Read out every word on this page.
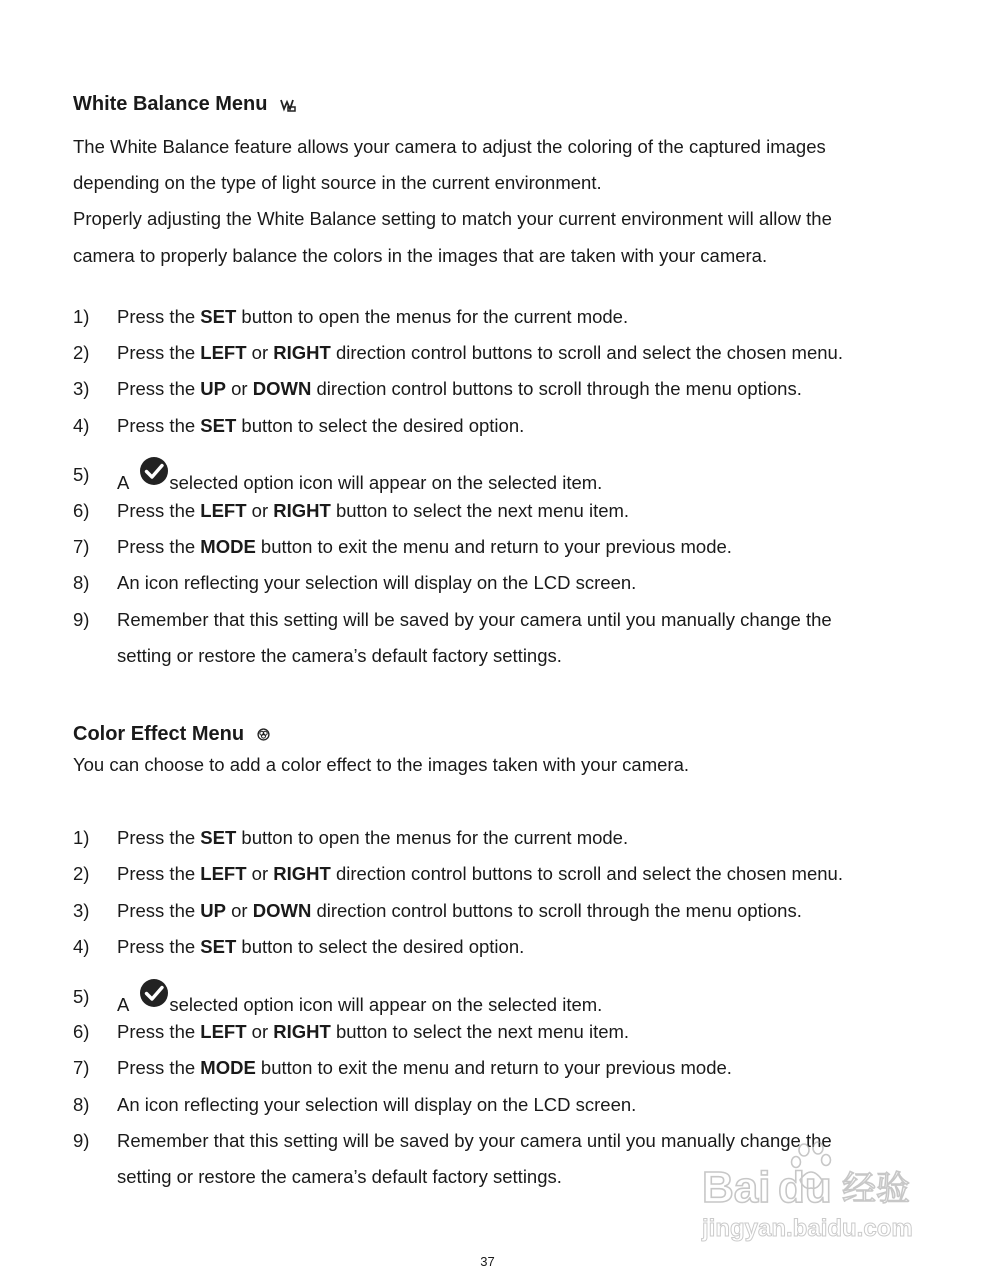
White Balance Menu
The White Balance feature allows your camera to adjust the coloring of the captured images
depending on the type of light source in the current environment.
Properly adjusting the White Balance setting to match your current environment will allow the
camera to properly balance the colors in the images that are taken with your camera.
1)	Press the SET button to open the menus for the current mode.
2)	Press the LEFT or RIGHT direction control buttons to scroll and select the chosen menu.
3)	Press the UP or DOWN direction control buttons to scroll through the menu options.
4)	Press the SET button to select the desired option.
5)	A selected option icon will appear on the selected item.
6)	Press the LEFT or RIGHT button to select the next menu item.
7)	Press the MODE button to exit the menu and return to your previous mode.
8)	An icon reflecting your selection will display on the LCD screen.
9)	Remember that this setting will be saved by your camera until you manually change the
setting or restore the camera’s default factory settings.
Color Effect Menu
You can choose to add a color effect to the images taken with your camera.
1)	Press the SET button to open the menus for the current mode.
2)	Press the LEFT or RIGHT direction control buttons to scroll and select the chosen menu.
3)	Press the UP or DOWN direction control buttons to scroll through the menu options.
4)	Press the SET button to select the desired option.
5)	A selected option icon will appear on the selected item.
6)	Press the LEFT or RIGHT button to select the next menu item.
7)	Press the MODE button to exit the menu and return to your previous mode.
8)	An icon reflecting your selection will display on the LCD screen.
9)	Remember that this setting will be saved by your camera until you manually change the
setting or restore the camera’s default factory settings.	Bai du 经验
jingyan.baidu.com
37
